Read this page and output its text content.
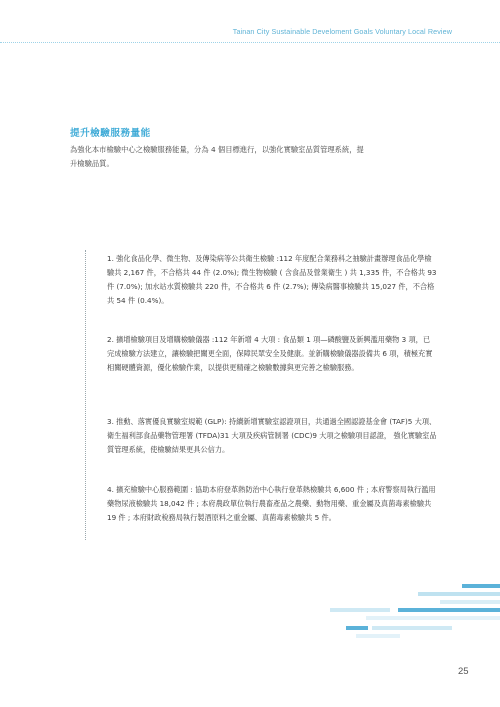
Tainan City Sustainable Develoment Goals Voluntary Local Review
提升檢驗服務量能
為強化本市檢驗中心之檢驗服務能量，分為 4 個目標進行，以強化實驗室品質管理系統，提升檢驗品質。
1. 強化食品化學、微生物、及傳染病等公共衛生檢驗 :112 年度配合業務科之抽驗計畫辦理食品化學檢驗共 2,167 件，不合格共 44 件 (2.0%); 微生物檢驗 ( 含食品及營業衛生 ) 共 1,335 件，不合格共 93 件 (7.0%); 加水站水質檢驗共 220 件，不合格共 6 件 (2.7%); 傳染病醫事檢驗共 15,027 件，不合格共 54 件 (0.4%)。
2. 擴增檢驗項目及增購檢驗儀器 :112 年新增 4 大項 : 食品類 1 項—磷酸鹽及新興濫用藥物 3 項，已完成檢驗方法建立，讓檢驗把關更全面，保障民眾安全及健康。並新購檢驗儀器設備共 6 項，積極充實相關硬體資源，優化檢驗作業，以提供更精確之檢驗數據與更完善之檢驗服務。
3. 推動、落實優良實驗室規範 (GLP): 持續新增實驗室認證項目，共通過全國認證基金會 (TAF)5 大項、衛生福利部食品藥物管理署 (TFDA)31 大項及疾病管制署 (CDC)9 大項之檢驗項目認證， 強化實驗室品質管理系統，使檢驗結果更具公信力。
4. 擴充檢驗中心服務範圍 : 協助本府登革熱防治中心執行登革熱檢驗共 6,600 件 ; 本府警察局執行濫用藥物尿液檢驗共 18,042 件 ; 本府農政單位執行農畜產品之農藥、動物用藥、重金屬及真菌毒素檢驗共 19 件 ; 本府財政稅務局執行製酒原料之重金屬、真菌毒素檢驗共 5 件。
25
